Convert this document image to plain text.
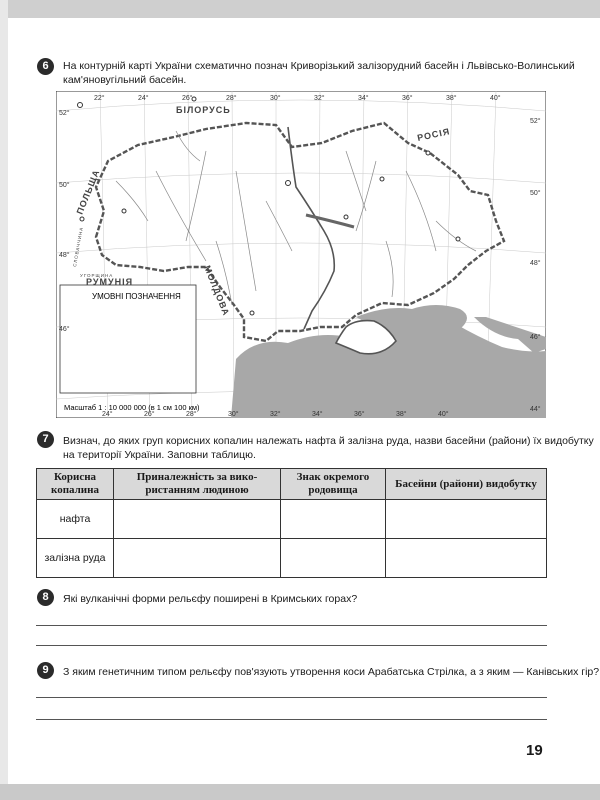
6	На контурній карті України схематично познач Криворізький залізорудний басейн і Львівсько-Волинський
кам'яновугільний басейн.
УМОВНІ ПОЗНАЧЕННЯ
Масштаб 1 : 10 000 000 (в 1 см 100 км)
БІЛОРУСЬ
РОСІЯ
ПОЛЬЩА
РУМУНІЯ	МОЛДОВА
СЛОВАЧЧИНА
УГОРЩИНА
22°	24°	26°	28°	30°	32°	34°	36°	38°	40°
24°	26°	28°	30°	32°	34°	36°	38°	40°
52°
50°
48°
46°
52°
50°
48°
46°
44°
7	Визнач, до яких груп корисних копалин належать нафта й залізна руда, назви басейни (райони) їх видобутку
на території України. Заповни таблицю.
Корисна копалина	Приналежність за використанням людиною	Знак окремого родовища	Басейни (райони) видобутку
нафта			
залізна руда			
8	Які вулканічні форми рельєфу поширені в Кримських горах?
9	З яким генетичним типом рельєфу пов'язують утворення коси Арабатська Стрілка, а з яким — Канівських гір?
19
